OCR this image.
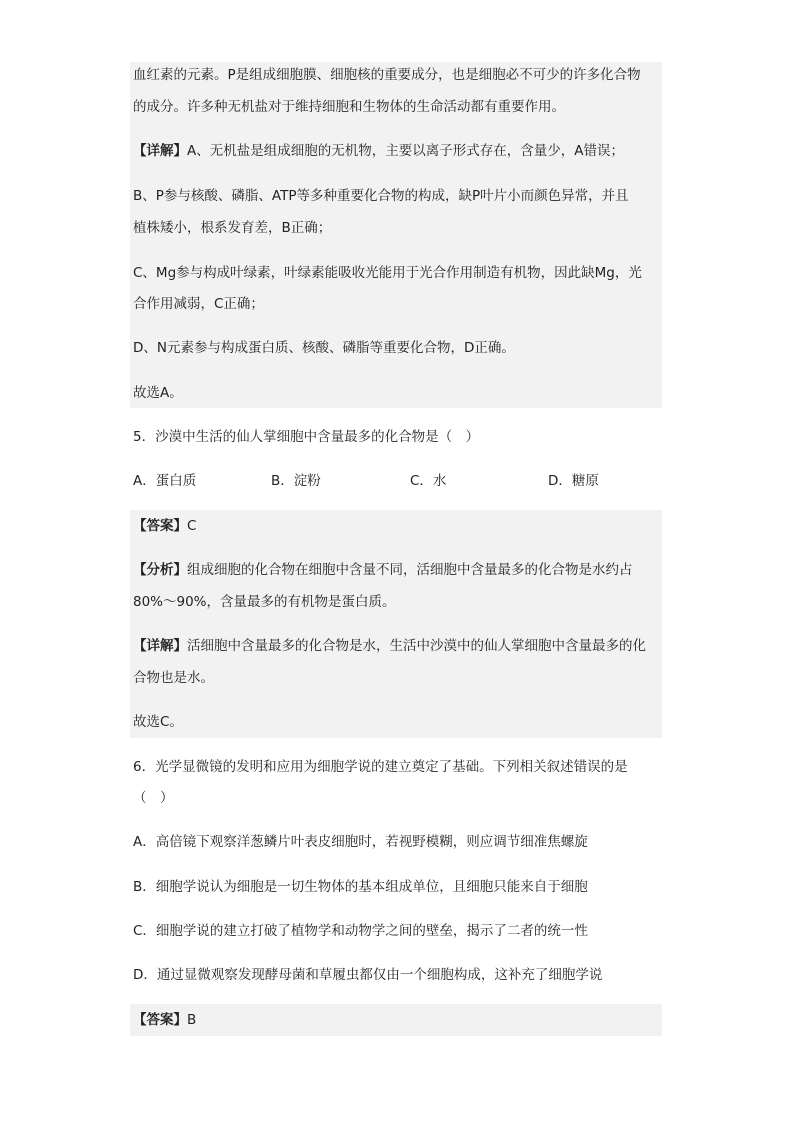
血红素的元素。P是组成细胞膜、细胞核的重要成分，也是细胞必不可少的许多化合物
的成分。许多种无机盐对于维持细胞和生物体的生命活动都有重要作用。
【详解】A、无机盐是组成细胞的无机物，主要以离子形式存在，含量少，A错误；
B、P参与核酸、磷脂、ATP等多种重要化合物的构成，缺P叶片小而颜色异常，并且
植株矮小，根系发育差，B正确；
C、Mg参与构成叶绿素，叶绿素能吸收光能用于光合作用制造有机物，因此缺Mg，光
合作用减弱，C正确；
D、N元素参与构成蛋白质、核酸、磷脂等重要化合物，D正确。
故选A。
5．沙漠中生活的仙人掌细胞中含量最多的化合物是（　）
A．蛋白质	B．淀粉	C．水	D．糖原
【答案】C
【分析】组成细胞的化合物在细胞中含量不同，活细胞中含量最多的化合物是水约占
80%～90%，含量最多的有机物是蛋白质。
【详解】活细胞中含量最多的化合物是水，生活中沙漠中的仙人掌细胞中含量最多的化
合物也是水。
故选C。
6．光学显微镜的发明和应用为细胞学说的建立奠定了基础。下列相关叙述错误的是
（　）
A．高倍镜下观察洋葱鳞片叶表皮细胞时，若视野模糊，则应调节细准焦螺旋
B．细胞学说认为细胞是一切生物体的基本组成单位，且细胞只能来自于细胞
C．细胞学说的建立打破了植物学和动物学之间的壁垒，揭示了二者的统一性
D．通过显微观察发现酵母菌和草履虫都仅由一个细胞构成，这补充了细胞学说
【答案】B
